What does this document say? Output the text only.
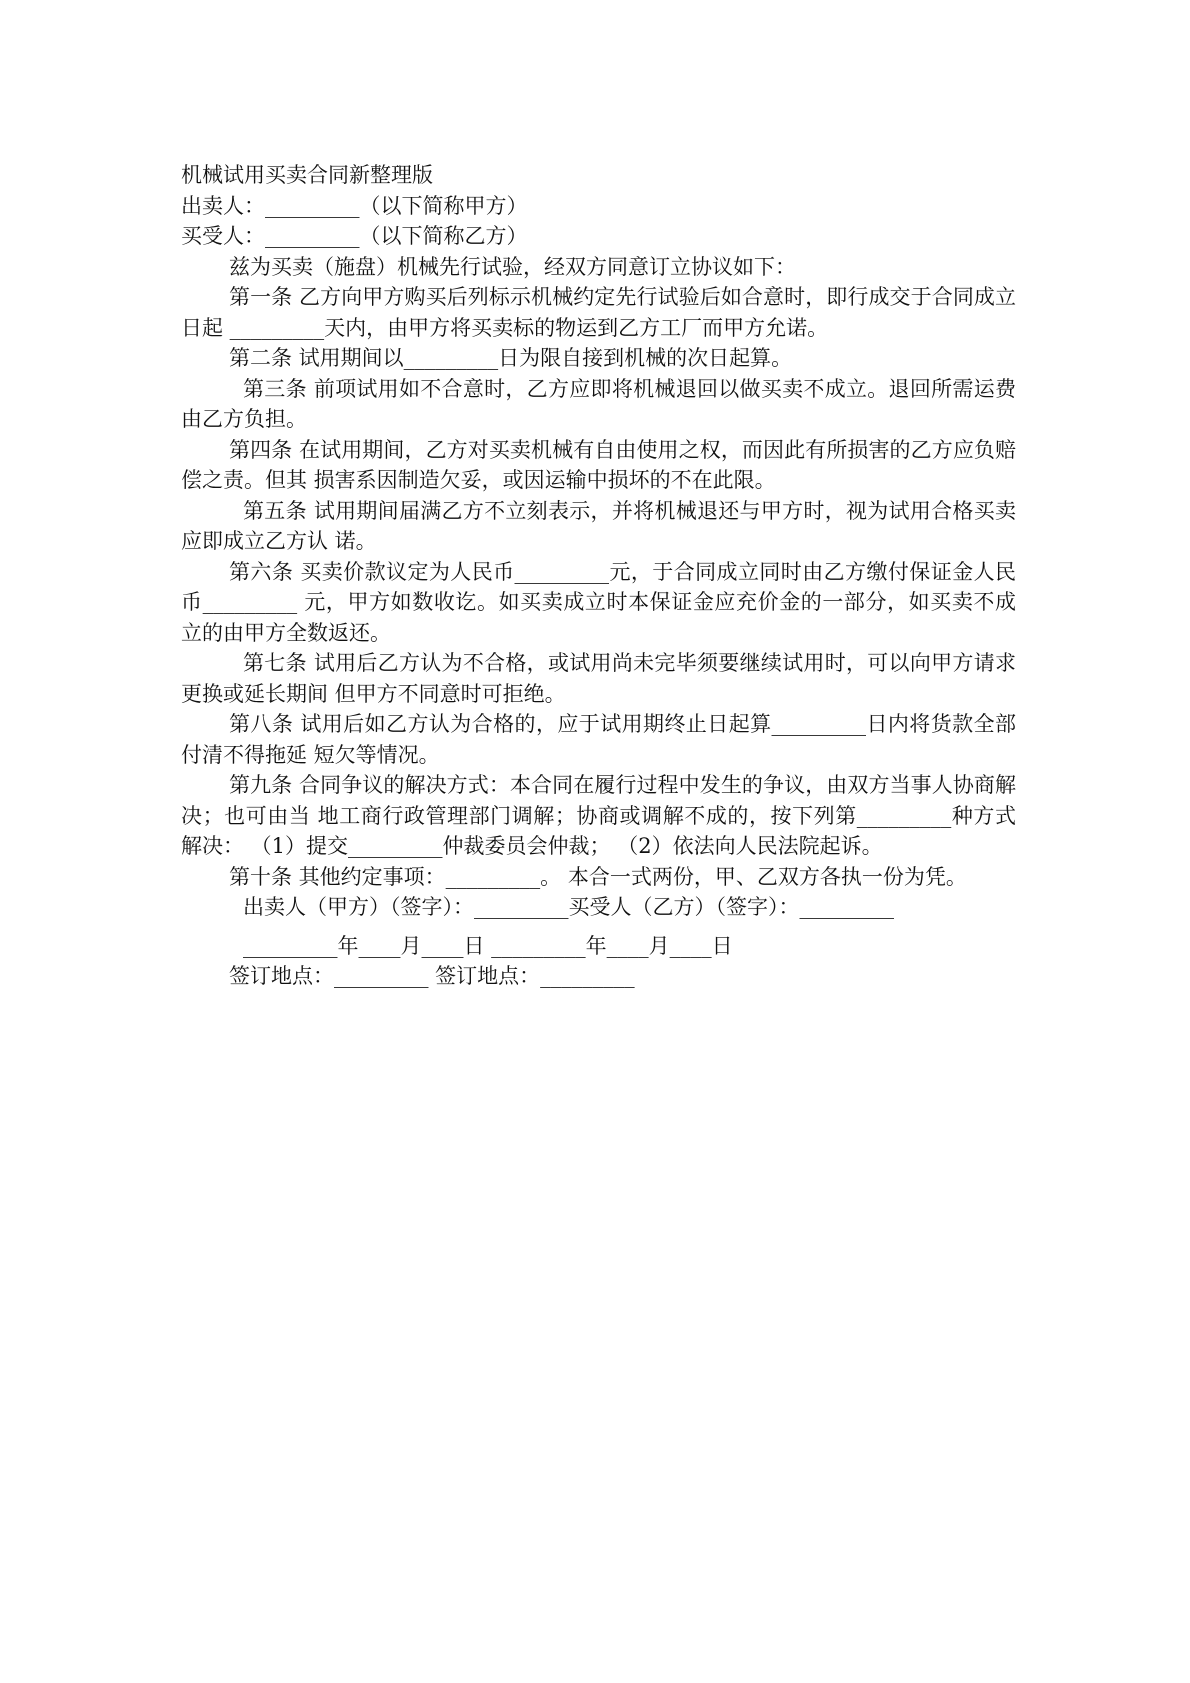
机械试用买卖合同新整理版
出卖人：_________（以下简称甲方）
买受人：_________（以下简称乙方）

兹为买卖（施盘）机械先行试验，经双方同意订立协议如下：

第一条 乙方向甲方购买后列标示机械约定先行试验后如合意时，即行成交于合同成立日起 _________天内，由甲方将买卖标的物运到乙方工厂而甲方允诺。

第二条 试用期间以_________日为限自接到机械的次日起算。

第三条 前项试用如不合意时，乙方应即将机械退回以做买卖不成立。退回所需运费由乙方负担。

第四条 在试用期间，乙方对买卖机械有自由使用之权，而因此有所损害的乙方应负赔偿之责。但其 损害系因制造欠妥，或因运输中损坏的不在此限。

第五条 试用期间届满乙方不立刻表示，并将机械退还与甲方时，视为试用合格买卖应即成立乙方认 诺。

第六条 买卖价款议定为人民币_________元，于合同成立同时由乙方缴付保证金人民币_________ 元，甲方如数收讫。如买卖成立时本保证金应充价金的一部分，如买卖不成立的由甲方全数返还。

第七条 试用后乙方认为不合格，或试用尚未完毕须要继续试用时，可以向甲方请求更换或延长期间 但甲方不同意时可拒绝。

第八条 试用后如乙方认为合格的，应于试用期终止日起算_________日内将货款全部付清不得拖延 短欠等情况。

第九条 合同争议的解决方式：本合同在履行过程中发生的争议，由双方当事人协商解决；也可由当 地工商行政管理部门调解；协商或调解不成的，按下列第_________种方式解决： （1）提交_________仲裁委员会仲裁； （2）依法向人民法院起诉。

第十条 其他约定事项：_________。 本合一式两份，甲、乙双方各执一份为凭。

出卖人（甲方）（签字）：_________买受人（乙方）（签字）：_________
_________年____月____日 _________年____月____日
签订地点：_________ 签订地点：_________
